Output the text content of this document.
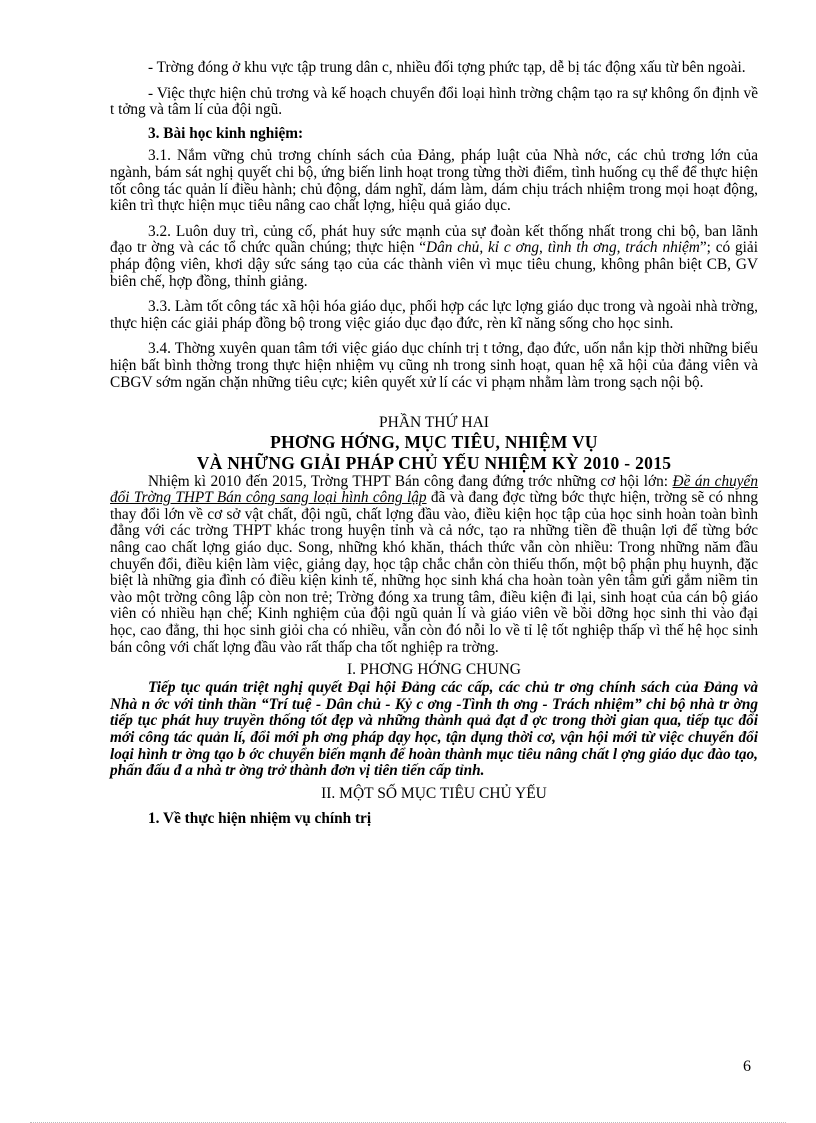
- Trờng đóng ở khu vực tập trung dân c, nhiều đối tợng phức tạp, dễ bị tác động xấu từ bên ngoài.

- Việc thực hiện chủ trơng và kế hoạch chuyển đổi loại hình trờng chậm tạo ra sự không ổn định về t tởng và tâm lí của đội ngũ.

3. Bài học kinh nghiệm:

3.1. Nắm vững chủ trơng chính sách của Đảng, pháp luật của Nhà nớc, các chủ trơng lớn của ngành, bám sát nghị quyết chi bộ, ứng biến linh hoạt trong từng thời điểm, tình huống cụ thể để thực hiện tốt công tác quản lí điều hành; chủ động, dám nghĩ, dám làm, dám chịu trách nhiệm trong mọi hoạt động, kiên trì thực hiện mục tiêu nâng cao chất lợng, hiệu quả giáo dục.

3.2. Luôn duy trì, củng cố, phát huy sức mạnh của sự đoàn kết thống nhất trong chi bộ, ban lãnh đạo tr ờng và các tổ chức quần chúng; thực hiện “Dân chủ, kỉ c ơng, tình th ơng, trách nhiệm”; có giải pháp động viên, khơi dậy sức sáng tạo của các thành viên vì mục tiêu chung, không phân biệt CB, GV biên chế, hợp đồng, thỉnh giảng.

3.3. Làm tốt công tác xã hội hóa giáo dục, phối hợp các lực lợng giáo dục trong và ngoài nhà trờng, thực hiện các giải pháp đồng bộ trong việc giáo dục đạo đức, rèn kĩ năng sống cho học sinh.

3.4. Thờng xuyên quan tâm tới việc giáo dục chính trị t tởng, đạo đức, uốn nắn kịp thời những biểu hiện bất bình thờng trong thực hiện nhiệm vụ cũng nh trong sinh hoạt, quan hệ xã hội của đảng viên và CBGV sớm ngăn chặn những tiêu cực; kiên quyết xử lí các vi phạm nhằm làm trong sạch nội bộ.

PHẦN THỨ HAI

PHƠNG HỚNG, MỤC TIÊU, NHIỆM VỤ

VÀ NHỮNG GIẢI PHÁP CHỦ YẾU NHIỆM KỲ 2010 - 2015

Nhiệm kì 2010 đến 2015, Trờng THPT Bán công đang đứng trớc những cơ hội lớn: Đề án chuyển đổi Trờng THPT Bán công sang loại hình công lập đã và đang đợc từng bớc thực hiện, trờng sẽ có nhng thay đổi lớn về cơ sở vật chất, đội ngũ, chất lợng đầu vào, điều kiện học tập của học sinh hoàn toàn bình đẳng với các trờng THPT khác trong huyện tỉnh và cả nớc, tạo ra những tiền đề thuận lợi để từng bớc nâng cao chất lợng giáo dục. Song, những khó khăn, thách thức vẫn còn nhiều: Trong những năm đầu chuyển đổi, điều kiện làm việc, giảng dạy, học tập chắc chắn còn thiếu thốn, một bộ phận phụ huynh, đặc biệt là những gia đình có điều kiện kinh tế, những học sinh khá cha hoàn toàn yên tâm gửi gắm niềm tin vào một trờng công lập còn non trẻ; Trờng đóng xa trung tâm, điều kiện đi lại, sinh hoạt của cán bộ giáo viên có nhiều hạn chế; Kinh nghiệm của đội ngũ quản lí và giáo viên về bồi dỡng học sinh thi vào đại học, cao đẳng, thi học sinh giỏi cha có nhiều, vẫn còn đó nỗi lo về tỉ lệ tốt nghiệp thấp vì thế hệ học sinh bán công với chất lợng đầu vào rất thấp cha tốt nghiệp ra trờng.

I. PHƠNG HỚNG CHUNG

Tiếp tục quán triệt nghị quyết Đại hội Đảng các cấp, các chủ tr ơng chính sách của Đảng và Nhà n ớc với tinh thần “Trí tuệ - Dân chủ - Kỷ c ơng -Tình th ơng - Trách nhiệm” chi bộ nhà tr ờng tiếp tục phát huy truyền thống tốt đẹp và những thành quả đạt đ ợc trong thời gian qua, tiếp tục đổi mới công tác quản lí, đổi mới ph ơng pháp dạy học, tận dụng thời cơ, vận hội mới từ việc chuyển đổi loại hình tr ờng tạo b ớc chuyển biến mạnh để hoàn thành mục tiêu nâng chất l ợng giáo dục đào tạo, phấn đấu đ a nhà tr ờng trở thành đơn vị tiên tiến cấp tỉnh.

II. MỘT SỐ MỤC TIÊU CHỦ YẾU

1. Về thực hiện nhiệm vụ chính trị

6
